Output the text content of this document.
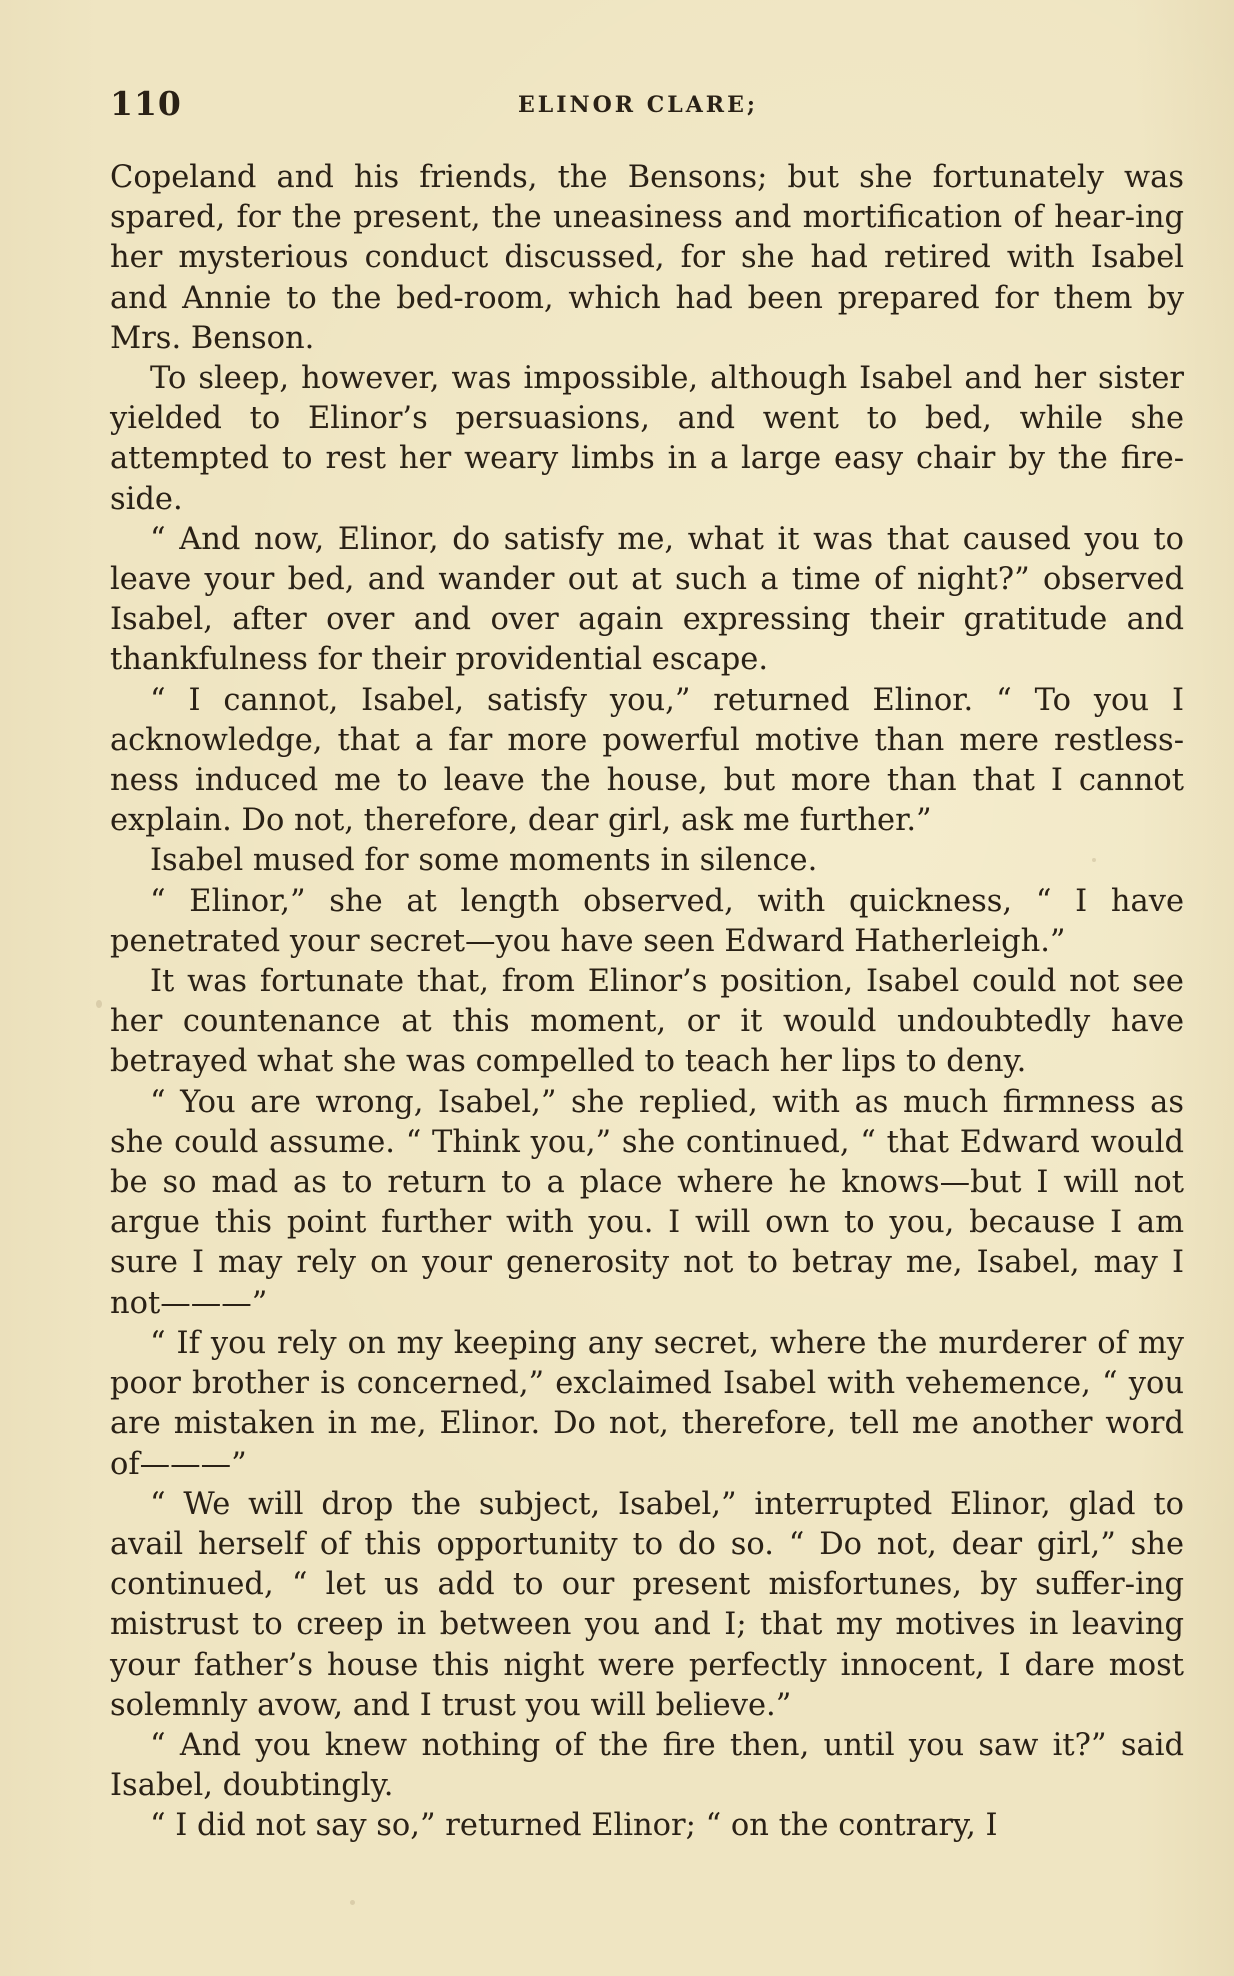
110	ELINOR CLARE;

Copeland and his friends, the Bensons; but she fortunately was spared, for the present, the uneasiness and mortification of hear-ing her mysterious conduct discussed, for she had retired with Isabel and Annie to the bed-room, which had been prepared for them by Mrs. Benson.

To sleep, however, was impossible, although Isabel and her sister yielded to Elinor’s persuasions, and went to bed, while she attempted to rest her weary limbs in a large easy chair by the fire-side.

“ And now, Elinor, do satisfy me, what it was that caused you to leave your bed, and wander out at such a time of night?” observed Isabel, after over and over again expressing their gratitude and thankfulness for their providential escape.

“ I cannot, Isabel, satisfy you,” returned Elinor. “ To you I acknowledge, that a far more powerful motive than mere restless-ness induced me to leave the house, but more than that I cannot explain. Do not, therefore, dear girl, ask me further.”

Isabel mused for some moments in silence.

“ Elinor,” she at length observed, with quickness, “ I have penetrated your secret—you have seen Edward Hatherleigh.”

It was fortunate that, from Elinor’s position, Isabel could not see her countenance at this moment, or it would undoubtedly have betrayed what she was compelled to teach her lips to deny.

“ You are wrong, Isabel,” she replied, with as much firmness as she could assume. “ Think you,” she continued, “ that Edward would be so mad as to return to a place where he knows—but I will not argue this point further with you. I will own to you, because I am sure I may rely on your generosity not to betray me, Isabel, may I not———”

“ If you rely on my keeping any secret, where the murderer of my poor brother is concerned,” exclaimed Isabel with vehemence, “ you are mistaken in me, Elinor. Do not, therefore, tell me another word of———”

“ We will drop the subject, Isabel,” interrupted Elinor, glad to avail herself of this opportunity to do so. “ Do not, dear girl,” she continued, “ let us add to our present misfortunes, by suffer-ing mistrust to creep in between you and I; that my motives in leaving your father’s house this night were perfectly innocent, I dare most solemnly avow, and I trust you will believe.”

“ And you knew nothing of the fire then, until you saw it?” said Isabel, doubtingly.

“ I did not say so,” returned Elinor; “ on the contrary, I
